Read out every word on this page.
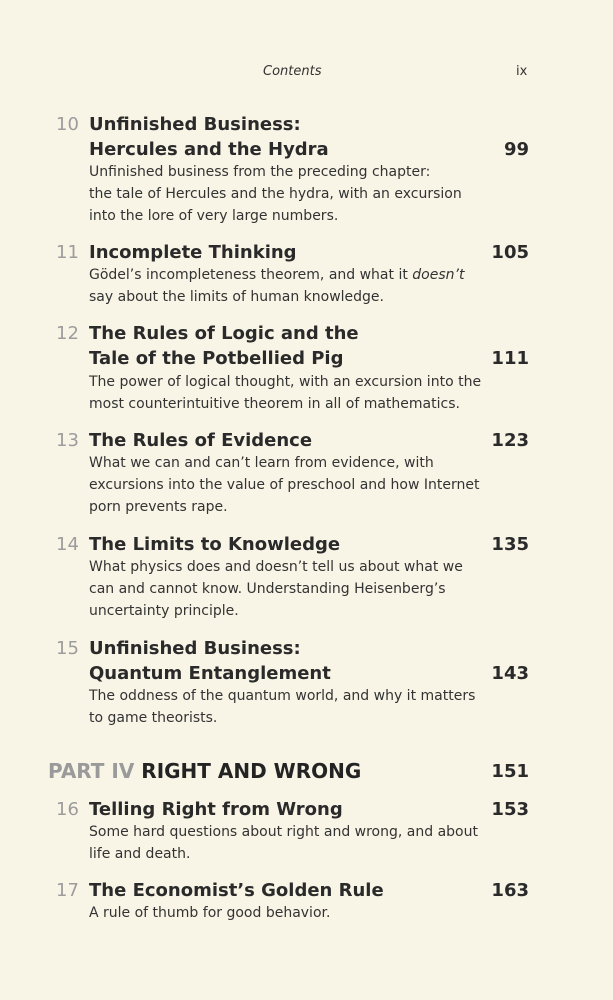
Contents	ix
10 Unfinished Business:
Hercules and the Hydra	99
Unfinished business from the preceding chapter:
the tale of Hercules and the hydra, with an excursion
into the lore of very large numbers.
11 Incomplete Thinking	105
Gödel’s incompleteness theorem, and what it doesn’t
say about the limits of human knowledge.
12 The Rules of Logic and the
Tale of the Potbellied Pig	111
The power of logical thought, with an excursion into the
most counterintuitive theorem in all of mathematics.
13 The Rules of Evidence	123
What we can and can’t learn from evidence, with
excursions into the value of preschool and how Internet
porn prevents rape.
14 The Limits to Knowledge	135
What physics does and doesn’t tell us about what we
can and cannot know. Understanding Heisenberg’s
uncertainty principle.
15 Unfinished Business:
Quantum Entanglement	143
The oddness of the quantum world, and why it matters
to game theorists.
PART IV RIGHT AND WRONG	151
16 Telling Right from Wrong	153
Some hard questions about right and wrong, and about
life and death.
17 The Economist’s Golden Rule	163
A rule of thumb for good behavior.
